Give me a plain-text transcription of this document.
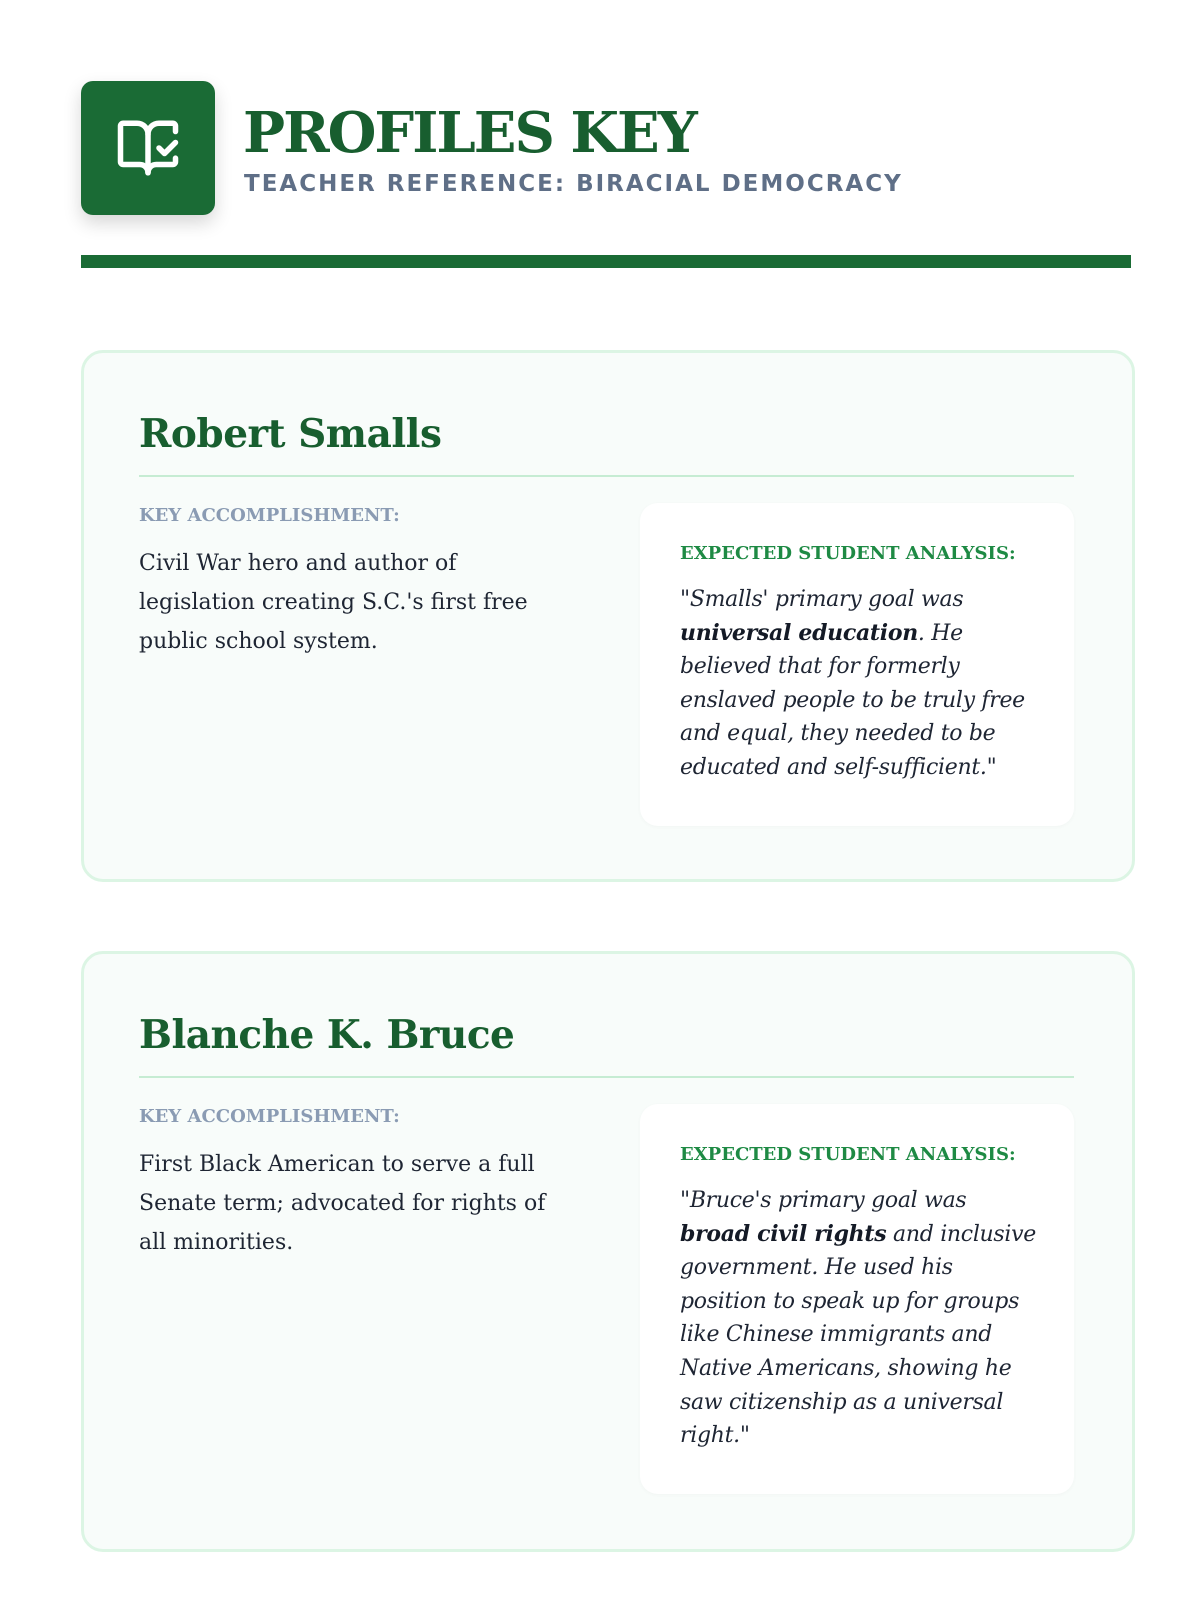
PROFILES KEY
TEACHER REFERENCE: BIRACIAL DEMOCRACY
Robert Smalls
KEY ACCOMPLISHMENT:
Civil War hero and author of legislation creating S.C.'s first free public school system.
EXPECTED STUDENT ANALYSIS:
"Smalls' primary goal was universal education. He believed that for formerly enslaved people to be truly free and equal, they needed to be educated and self-sufficient."
Blanche K. Bruce
KEY ACCOMPLISHMENT:
First Black American to serve a full Senate term; advocated for rights of all minorities.
EXPECTED STUDENT ANALYSIS:
"Bruce's primary goal was broad civil rights and inclusive government. He used his position to speak up for groups like Chinese immigrants and Native Americans, showing he saw citizenship as a universal right."
